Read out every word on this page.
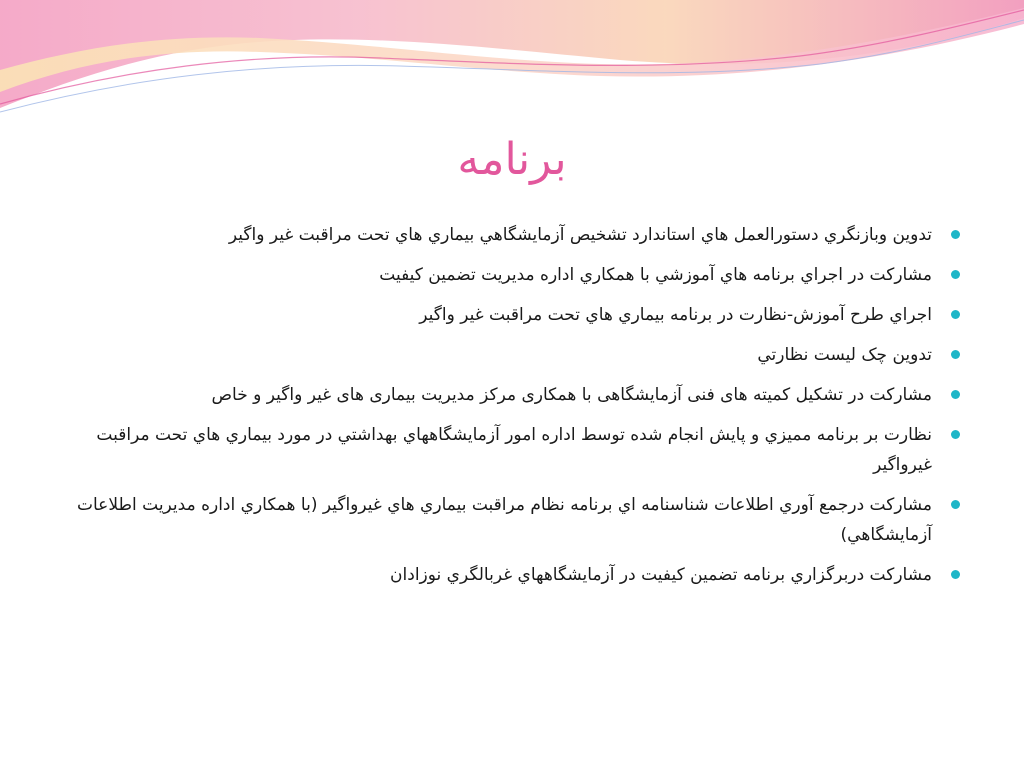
برنامه
تدوين وبازنگري دستورالعمل هاي استاندارد تشخيص آزمايشگاهي بيماري هاي تحت مراقبت غير واگير
مشاركت در اجراي برنامه هاي آموزشي با همكاري اداره مديريت تضمين كيفيت
اجراي طرح آموزش-نظارت در برنامه بيماري هاي تحت مراقبت غير واگير
تدوين چک ليست نظارتي
مشارکت در تشکیل کمیته های فنی آزمایشگاهی با همکاری مرکز مدیریت بیماری های غیر واگیر و خاص
نظارت بر برنامه مميزي و پايش انجام شده توسط اداره امور آزمايشگاههاي بهداشتي در مورد بيماري هاي تحت مراقبت غيرواگير
مشاركت درجمع آوري اطلاعات شناسنامه اي برنامه نظام مراقبت بيماري هاي غيرواگير (با همكاري اداره مديريت اطلاعات آزمايشگاهي)
مشاركت دربرگزاري برنامه تضمين كيفيت در آزمايشگاههاي غربالگري نوزادان
